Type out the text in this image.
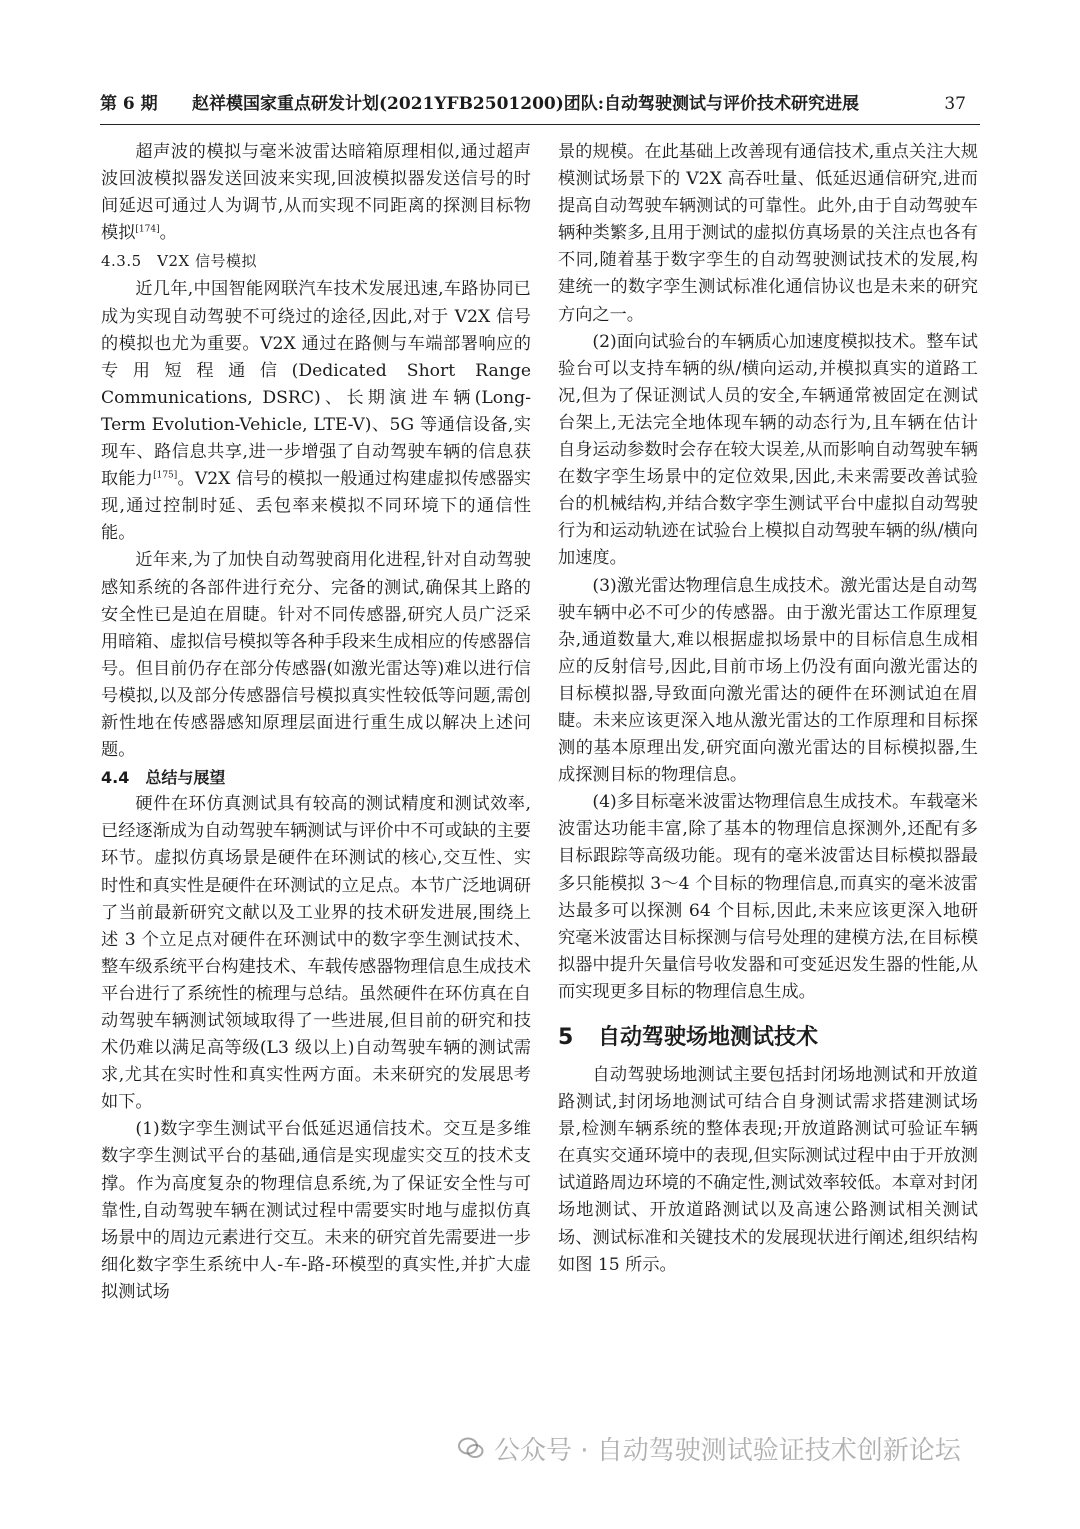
第 6 期 赵祥模国家重点研发计划(2021YFB2501200)团队:自动驾驶测试与评价技术研究进展	37

超声波的模拟与毫米波雷达暗箱原理相似,通过超声波回波模拟器发送回波来实现,回波模拟器发送信号的时间延迟可通过人为调节,从而实现不同距离的探测目标物模拟[174]。

4.3.5　V2X 信号模拟

近几年,中国智能网联汽车技术发展迅速,车路协同已成为实现自动驾驶不可绕过的途径,因此,对于 V2X 信号的模拟也尤为重要。V2X 通过在路侧与车端部署响应的专用短程通信(Dedicated Short Range Communications, DSRC)、长期演进车辆(Long-Term Evolution-Vehicle, LTE-V)、5G 等通信设备,实现车、路信息共享,进一步增强了自动驾驶车辆的信息获取能力[175]。V2X 信号的模拟一般通过构建虚拟传感器实现,通过控制时延、丢包率来模拟不同环境下的通信性能。

近年来,为了加快自动驾驶商用化进程,针对自动驾驶感知系统的各部件进行充分、完备的测试,确保其上路的安全性已是迫在眉睫。针对不同传感器,研究人员广泛采用暗箱、虚拟信号模拟等各种手段来生成相应的传感器信号。但目前仍存在部分传感器(如激光雷达等)难以进行信号模拟,以及部分传感器信号模拟真实性较低等问题,需创新性地在传感器感知原理层面进行重生成以解决上述问题。

4.4　总结与展望

硬件在环仿真测试具有较高的测试精度和测试效率,已经逐渐成为自动驾驶车辆测试与评价中不可或缺的主要环节。虚拟仿真场景是硬件在环测试的核心,交互性、实时性和真实性是硬件在环测试的立足点。本节广泛地调研了当前最新研究文献以及工业界的技术研发进展,围绕上述 3 个立足点对硬件在环测试中的数字孪生测试技术、整车级系统平台构建技术、车载传感器物理信息生成技术平台进行了系统性的梳理与总结。虽然硬件在环仿真在自动驾驶车辆测试领域取得了一些进展,但目前的研究和技术仍难以满足高等级(L3 级以上)自动驾驶车辆的测试需求,尤其在实时性和真实性两方面。未来研究的发展思考如下。

(1)数字孪生测试平台低延迟通信技术。交互是多维数字孪生测试平台的基础,通信是实现虚实交互的技术支撑。作为高度复杂的物理信息系统,为了保证安全性与可靠性,自动驾驶车辆在测试过程中需要实时地与虚拟仿真场景中的周边元素进行交互。未来的研究首先需要进一步细化数字孪生系统中人-车-路-环模型的真实性,并扩大虚拟测试场

景的规模。在此基础上改善现有通信技术,重点关注大规模测试场景下的 V2X 高吞吐量、低延迟通信研究,进而提高自动驾驶车辆测试的可靠性。此外,由于自动驾驶车辆种类繁多,且用于测试的虚拟仿真场景的关注点也各有不同,随着基于数字孪生的自动驾驶测试技术的发展,构建统一的数字孪生测试标准化通信协议也是未来的研究方向之一。

(2)面向试验台的车辆质心加速度模拟技术。整车试验台可以支持车辆的纵/横向运动,并模拟真实的道路工况,但为了保证测试人员的安全,车辆通常被固定在测试台架上,无法完全地体现车辆的动态行为,且车辆在估计自身运动参数时会存在较大误差,从而影响自动驾驶车辆在数字孪生场景中的定位效果,因此,未来需要改善试验台的机械结构,并结合数字孪生测试平台中虚拟自动驾驶行为和运动轨迹在试验台上模拟自动驾驶车辆的纵/横向加速度。

(3)激光雷达物理信息生成技术。激光雷达是自动驾驶车辆中必不可少的传感器。由于激光雷达工作原理复杂,通道数量大,难以根据虚拟场景中的目标信息生成相应的反射信号,因此,目前市场上仍没有面向激光雷达的目标模拟器,导致面向激光雷达的硬件在环测试迫在眉睫。未来应该更深入地从激光雷达的工作原理和目标探测的基本原理出发,研究面向激光雷达的目标模拟器,生成探测目标的物理信息。

(4)多目标毫米波雷达物理信息生成技术。车载毫米波雷达功能丰富,除了基本的物理信息探测外,还配有多目标跟踪等高级功能。现有的毫米波雷达目标模拟器最多只能模拟 3～4 个目标的物理信息,而真实的毫米波雷达最多可以探测 64 个目标,因此,未来应该更深入地研究毫米波雷达目标探测与信号处理的建模方法,在目标模拟器中提升矢量信号收发器和可变延迟发生器的性能,从而实现更多目标的物理信息生成。

5 自动驾驶场地测试技术

自动驾驶场地测试主要包括封闭场地测试和开放道路测试,封闭场地测试可结合自身测试需求搭建测试场景,检测车辆系统的整体表现;开放道路测试可验证车辆在真实交通环境中的表现,但实际测试过程中由于开放测试道路周边环境的不确定性,测试效率较低。本章对封闭场地测试、开放道路测试以及高速公路测试相关测试场、测试标准和关键技术的发展现状进行阐述,组织结构如图 15 所示。

公众号 · 自动驾驶测试验证技术创新论坛
